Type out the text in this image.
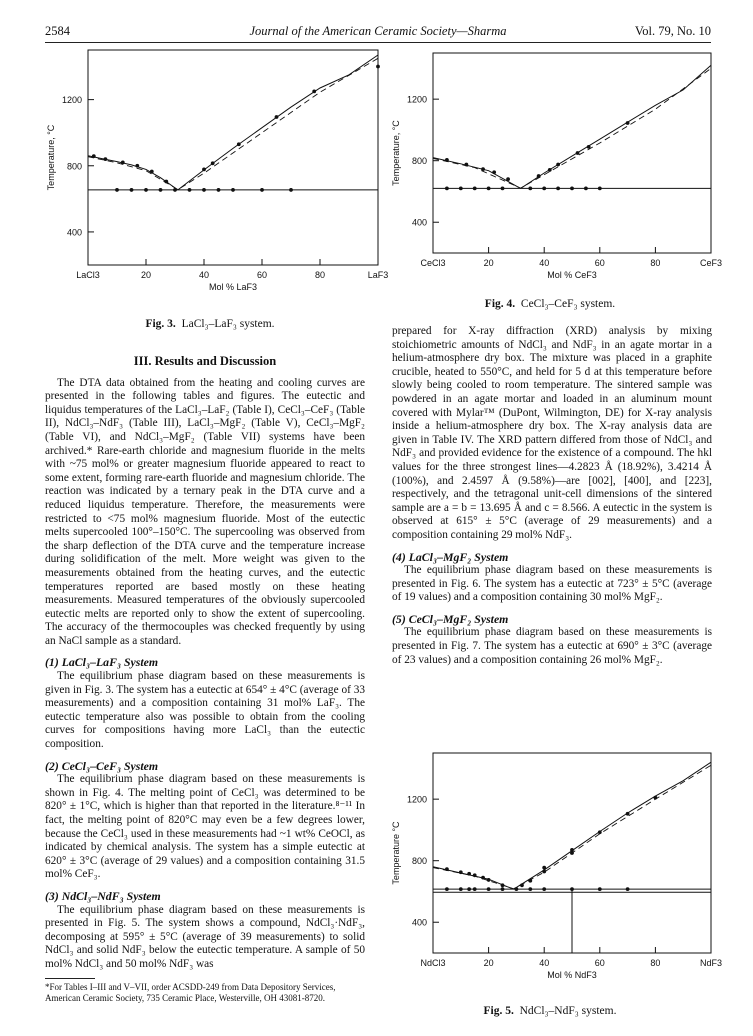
2584	Journal of the American Ceramic Society—Sharma	Vol. 79, No. 10
400
800
1200
20	40	60	80
LaCl3	LaF3
Mol % LaF3
Temperature, °C
Fig. 3. LaCl₃–LaF₃ system.
400
800
1200
20	40	60	80
CeCl3	CeF3
Mol % CeF3
Temperature, °C
Fig. 4. CeCl₃–CeF₃ system.
400
800
1200
20	40	60	80
NdCl3	NdF3
Mol % NdF3
Temperature °C
Fig. 5. NdCl₃–NdF₃ system.
III. Results and Discussion

The DTA data obtained from the heating and cooling curves are presented in the following tables and figures. The eutectic and liquidus temperatures of the LaCl₃–LaF₂ (Table I), CeCl₃–CeF₃ (Table II), NdCl₃–NdF₃ (Table III), LaCl₃–MgF₂ (Table V), CeCl₃–MgF₂ (Table VI), and NdCl₃–MgF₂ (Table VII) systems have been archived.* Rare-earth chloride and magnesium fluoride in the melts with ~75 mol% or greater magnesium fluoride appeared to react to some extent, forming rare-earth fluoride and magnesium chloride. The reaction was indicated by a ternary peak in the DTA curve and a reduced liquidus temperature. Therefore, the measurements were restricted to <75 mol% magnesium fluoride. Most of the eutectic melts supercooled 100°–150°C. The supercooling was observed from the sharp deflection of the DTA curve and the temperature increase during solidification of the melt. More weight was given to the measurements obtained from the heating curves, and the eutectic temperatures reported are based mostly on these heating measurements. Measured temperatures of the obviously supercooled eutectic melts are reported only to show the extent of supercooling. The accuracy of the thermocouples was checked frequently by using an NaCl sample as a standard.

(1) LaCl₃–LaF₃ System

The equilibrium phase diagram based on these measurements is given in Fig. 3. The system has a eutectic at 654° ± 4°C (average of 33 measurements) and a composition containing 31 mol% LaF₃. The eutectic temperature also was possible to obtain from the cooling curves for compositions having more LaCl₃ than the eutectic composition.

(2) CeCl₃–CeF₃ System

The equilibrium phase diagram based on these measurements is shown in Fig. 4. The melting point of CeCl₃ was determined to be 820° ± 1°C, which is higher than that reported in the literature.⁸⁻¹¹ In fact, the melting point of 820°C may even be a few degrees lower, because the CeCl₃ used in these measurements had ~1 wt% CeOCl, as indicated by chemical analysis. The system has a simple eutectic at 620° ± 3°C (average of 29 values) and a composition containing 31.5 mol% CeF₃.

(3) NdCl₃–NdF₃ System

The equilibrium phase diagram based on these measurements is presented in Fig. 5. The system shows a compound, NdCl₃·NdF₃, decomposing at 595° ± 5°C (average of 39 measurements) to solid NdCl₃ and solid NdF₃ below the eutectic temperature. A sample of 50 mol% NdCl₃ and 50 mol% NdF₃ was

*For Tables I–III and V–VII, order ACSDD-249 from Data Depository Services, American Ceramic Society, 735 Ceramic Place, Westerville, OH 43081-8720.

prepared for X-ray diffraction (XRD) analysis by mixing stoichiometric amounts of NdCl₃ and NdF₃ in an agate mortar in a helium-atmosphere dry box. The mixture was placed in a graphite crucible, heated to 550°C, and held for 5 d at this temperature before slowly being cooled to room temperature. The sintered sample was powdered in an agate mortar and loaded in an aluminum mount covered with Mylar™ (DuPont, Wilmington, DE) for X-ray analysis inside a helium-atmosphere dry box. The X-ray analysis data are given in Table IV. The XRD pattern differed from those of NdCl₃ and NdF₃ and provided evidence for the existence of a compound. The hkl values for the three strongest lines—4.2823 Å (18.92%), 3.4214 Å (100%), and 2.4597 Å (9.58%)—are [002], [400], and [223], respectively, and the tetragonal unit-cell dimensions of the sintered sample are a = b = 13.695 Å and c = 8.566. A eutectic in the system is observed at 615° ± 5°C (average of 29 measurements) and a composition containing 29 mol% NdF₃.

(4) LaCl₃–MgF₂ System

The equilibrium phase diagram based on these measurements is presented in Fig. 6. The system has a eutectic at 723° ± 5°C (average of 19 values) and a composition containing 30 mol% MgF₂.

(5) CeCl₃–MgF₂ System

The equilibrium phase diagram based on these measurements is presented in Fig. 7. The system has a eutectic at 690° ± 3°C (average of 23 values) and a composition containing 26 mol% MgF₂.
